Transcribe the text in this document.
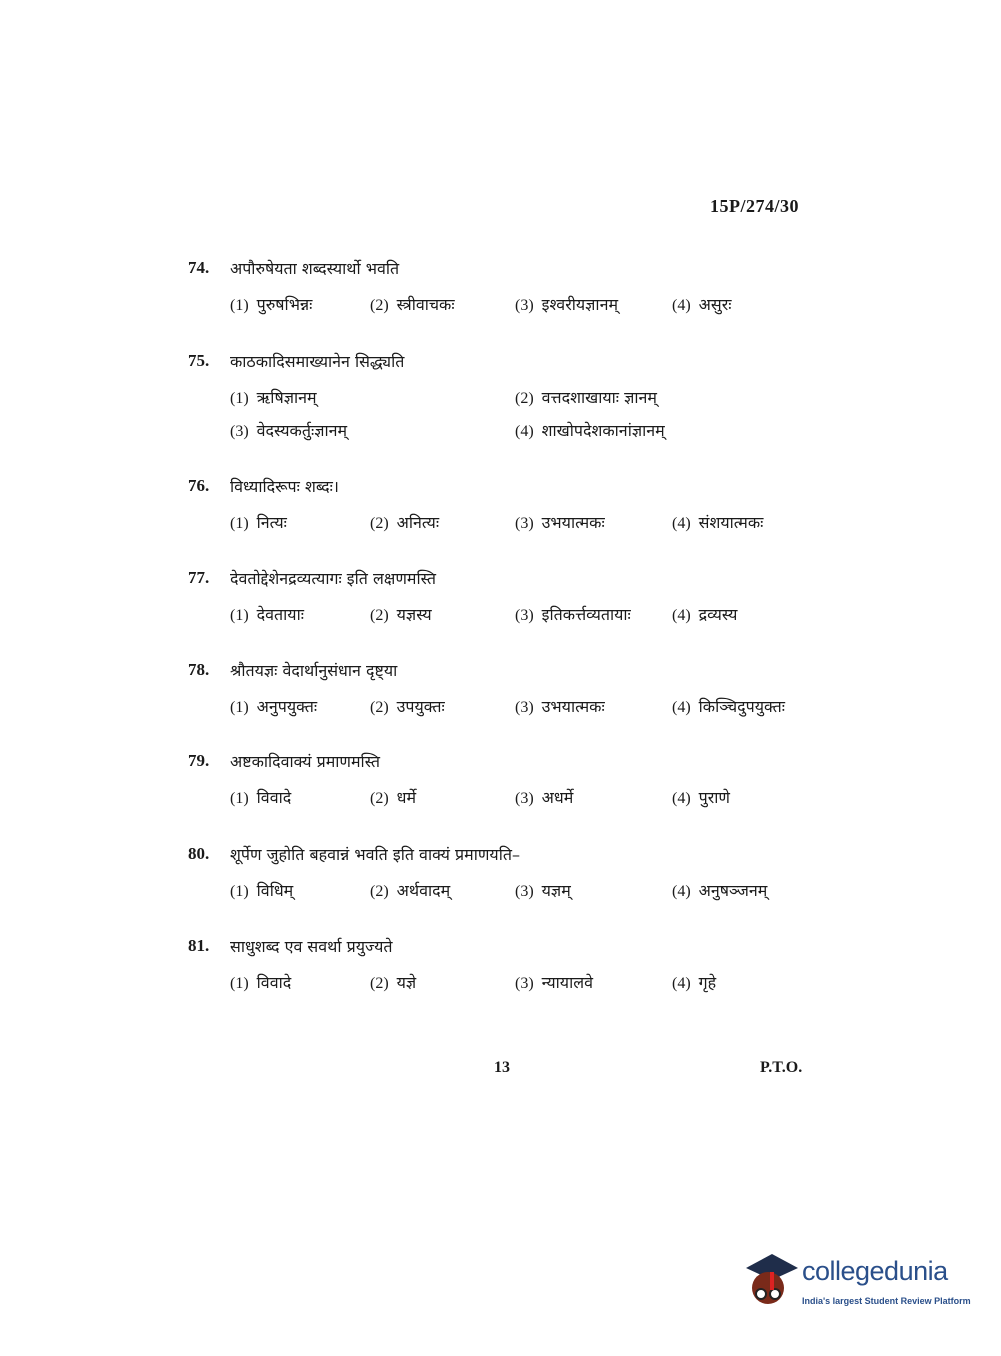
15P/274/30
74. अपौरुषेयता शब्दस्यार्थो भवति
(1) पुरुषभिन्नः	(2) स्त्रीवाचकः	(3) इश्वरीयज्ञानम्	(4) असुरः
75. काठकादिसमाख्यानेन सिद्ध्यति
(1) ऋषिज्ञानम्	(2) वत्तदशाखायाः ज्ञानम्
(3) वेदस्यकर्तुःज्ञानम्	(4) शाखोपदेशकानांज्ञानम्
76. विध्यादिरूपः शब्दः।
(1) नित्यः	(2) अनित्यः	(3) उभयात्मकः	(4) संशयात्मकः
77. देवतोद्देशेनद्रव्यत्यागः इति लक्षणमस्ति
(1) देवतायाः	(2) यज्ञस्य	(3) इतिकर्त्तव्यतायाः	(4) द्रव्यस्य
78. श्रौतयज्ञः वेदार्थानुसंधान दृष्ट्या
(1) अनुपयुक्तः	(2) उपयुक्तः	(3) उभयात्मकः	(4) किञ्चिदुपयुक्तः
79. अष्टकादिवाक्यं प्रमाणमस्ति
(1) विवादे	(2) धर्मे	(3) अधर्मे	(4) पुराणे
80. शूर्पेण जुहोति बहवान्नं भवति इति वाक्यं प्रमाणयति–
(1) विधिम्	(2) अर्थवादम्	(3) यज्ञम्	(4) अनुषञ्जनम्
81. साधुशब्द एव सवर्था प्रयुज्यते
(1) विवादे	(2) यज्ञे	(3) न्यायालवे	(4) गृहे
13	P.T.O.
collegedunia
India's largest Student Review Platform
